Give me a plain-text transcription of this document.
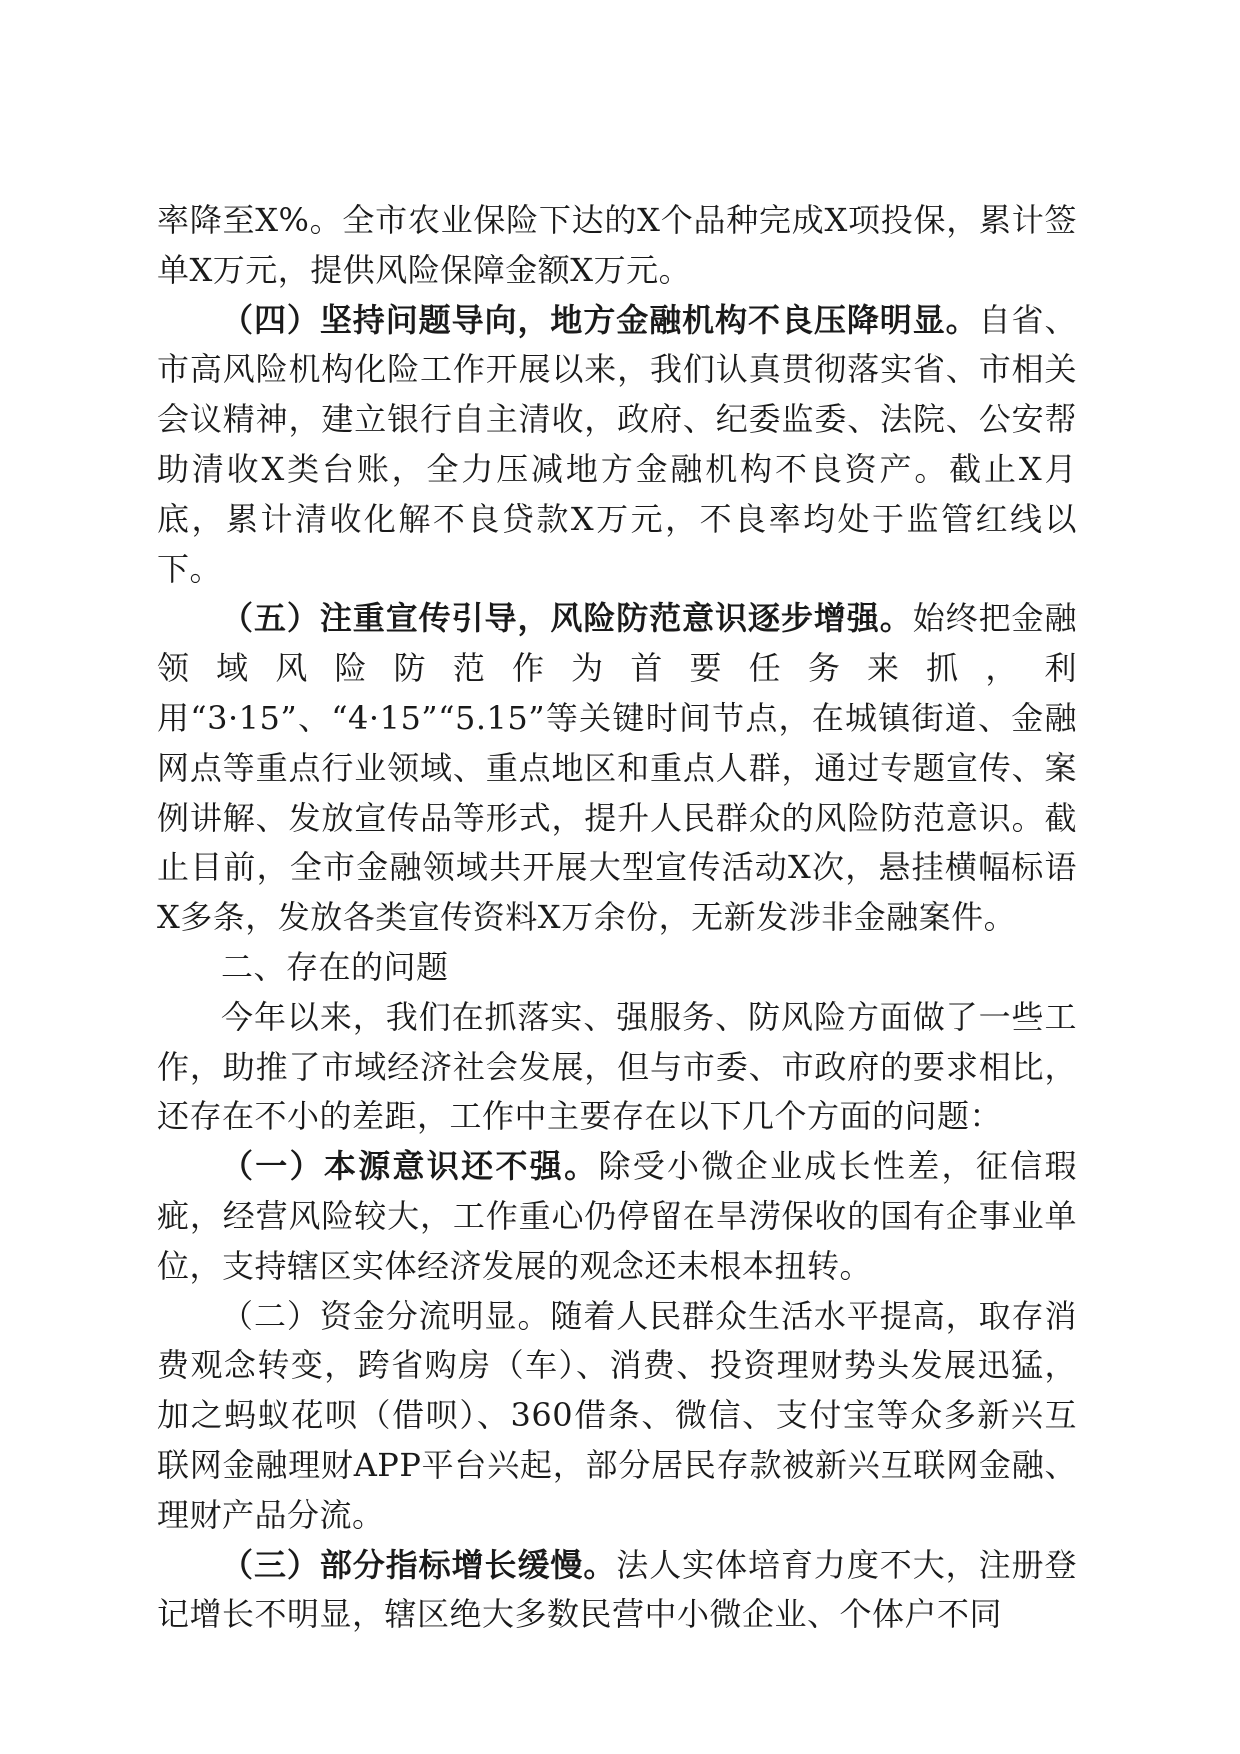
率降至X%。全市农业保险下达的X个品种完成X项投保，累计签单X万元，提供风险保障金额X万元。

（四）坚持问题导向，地方金融机构不良压降明显。自省、市高风险机构化险工作开展以来，我们认真贯彻落实省、市相关会议精神，建立银行自主清收，政府、纪委监委、法院、公安帮助清收X类台账，全力压减地方金融机构不良资产。截止X月底，累计清收化解不良贷款X万元，不良率均处于监管红线以下。

（五）注重宣传引导，风险防范意识逐步增强。始终把金融领域风险防范作为首要任务来抓，利用“3·15”、“4·15”“5.15”等关键时间节点，在城镇街道、金融网点等重点行业领域、重点地区和重点人群，通过专题宣传、案例讲解、发放宣传品等形式，提升人民群众的风险防范意识。截止目前，全市金融领域共开展大型宣传活动X次，悬挂横幅标语X多条，发放各类宣传资料X万余份，无新发涉非金融案件。

二、存在的问题

今年以来，我们在抓落实、强服务、防风险方面做了一些工作，助推了市域经济社会发展，但与市委、市政府的要求相比，还存在不小的差距，工作中主要存在以下几个方面的问题：

（一）本源意识还不强。除受小微企业成长性差，征信瑕疵，经营风险较大，工作重心仍停留在旱涝保收的国有企事业单位，支持辖区实体经济发展的观念还未根本扭转。

（二）资金分流明显。随着人民群众生活水平提高，取存消费观念转变，跨省购房（车）、消费、投资理财势头发展迅猛，加之蚂蚁花呗（借呗）、360借条、微信、支付宝等众多新兴互联网金融理财APP平台兴起，部分居民存款被新兴互联网金融、理财产品分流。

（三）部分指标增长缓慢。法人实体培育力度不大，注册登记增长不明显，辖区绝大多数民营中小微企业、个体户不同
